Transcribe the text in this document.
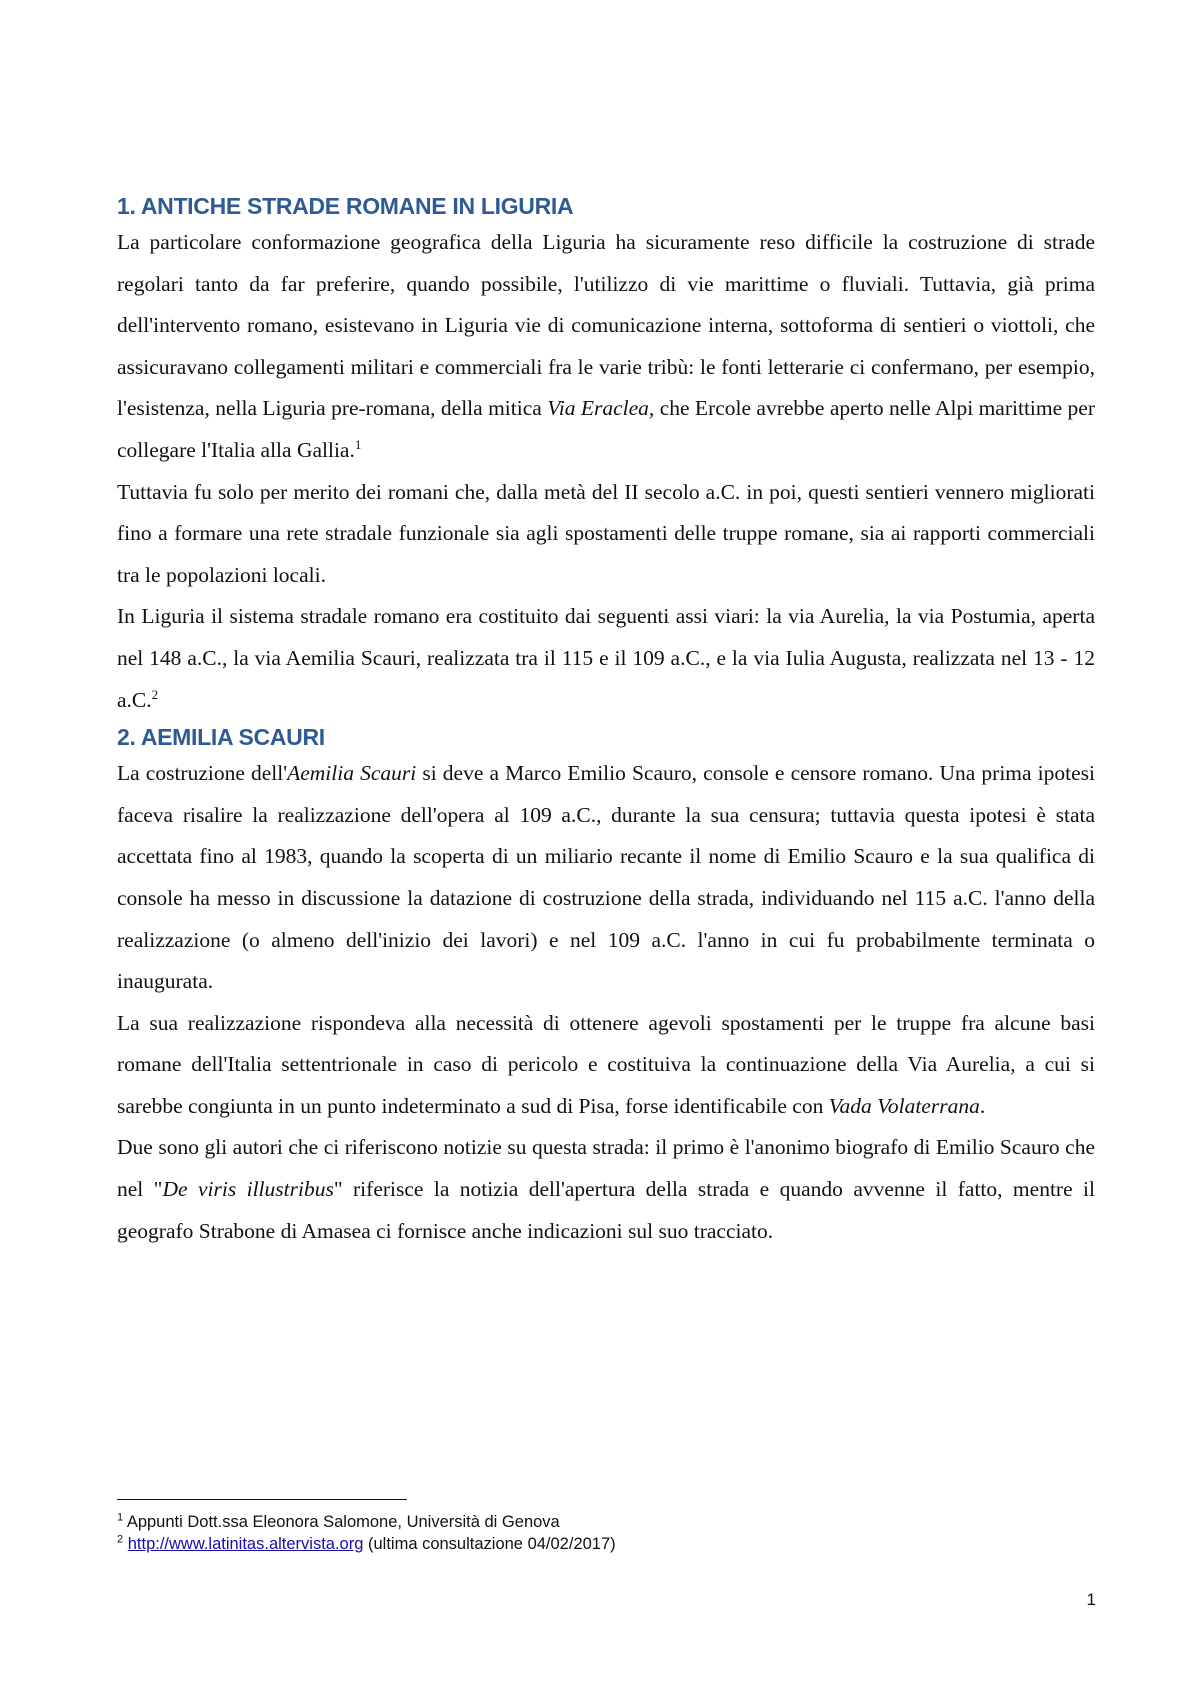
1. ANTICHE STRADE ROMANE IN LIGURIA

La particolare conformazione geografica della Liguria ha sicuramente reso difficile la costruzione di strade regolari tanto da far preferire, quando possibile, l'utilizzo di vie marittime o fluviali. Tuttavia, già prima dell'intervento romano, esistevano in Liguria vie di comunicazione interna, sottoforma di sentieri o viottoli, che assicuravano collegamenti militari e commerciali fra le varie tribù: le fonti letterarie ci confermano, per esempio, l'esistenza, nella Liguria pre-romana, della mitica Via Eraclea, che Ercole avrebbe aperto nelle Alpi marittime per collegare l'Italia alla Gallia.$^1$

Tuttavia fu solo per merito dei romani che, dalla metà del II secolo a.C. in poi, questi sentieri vennero migliorati fino a formare una rete stradale funzionale sia agli spostamenti delle truppe romane, sia ai rapporti commerciali tra le popolazioni locali.

In Liguria il sistema stradale romano era costituito dai seguenti assi viari: la via Aurelia, la via Postumia, aperta nel 148 a.C., la via Aemilia Scauri, realizzata tra il 115 e il 109 a.C., e la via Iulia Augusta, realizzata nel 13 - 12 a.C.$^2$

2. AEMILIA SCAURI

La costruzione dell'Aemilia Scauri si deve a Marco Emilio Scauro, console e censore romano. Una prima ipotesi faceva risalire la realizzazione dell'opera al 109 a.C., durante la sua censura; tuttavia questa ipotesi è stata accettata fino al 1983, quando la scoperta di un miliario recante il nome di Emilio Scauro e la sua qualifica di console ha messo in discussione la datazione di costruzione della strada, individuando nel 115 a.C. l'anno della realizzazione (o almeno dell'inizio dei lavori) e nel 109 a.C. l'anno in cui fu probabilmente terminata o inaugurata.

La sua realizzazione rispondeva alla necessità di ottenere agevoli spostamenti per le truppe fra alcune basi romane dell'Italia settentrionale in caso di pericolo e costituiva la continuazione della Via Aurelia, a cui si sarebbe congiunta in un punto indeterminato a sud di Pisa, forse identificabile con Vada Volaterrana.

Due sono gli autori che ci riferiscono notizie su questa strada: il primo è l'anonimo biografo di Emilio Scauro che nel "De viris illustribus" riferisce la notizia dell'apertura della strada e quando avvenne il fatto, mentre il geografo Strabone di Amasea ci fornisce anche indicazioni sul suo tracciato.

$^1$ Appunti Dott.ssa Eleonora Salomone, Università di Genova
$^2$ http://www.latinitas.altervista.org (ultima consultazione 04/02/2017)
1
